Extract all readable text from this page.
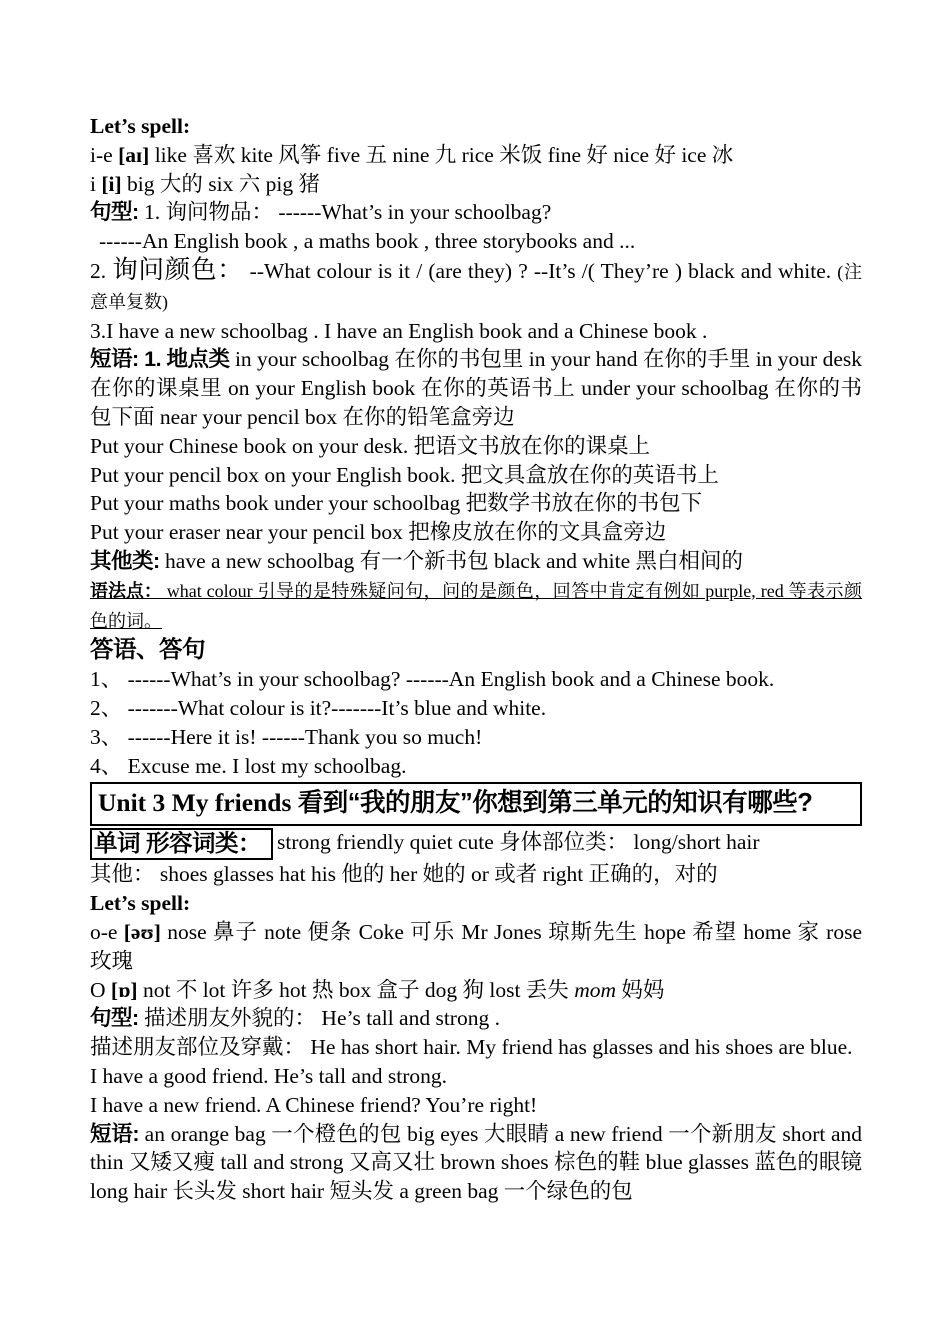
Let’s spell:

i-e [aɪ] like 喜欢 kite 风筝 five 五 nine 九 rice 米饭 fine 好 nice 好 ice 冰

i [i] big 大的 six 六 pig 猪

句型: 1. 询问物品： ------What’s in your schoolbag?

------An English book , a maths book , three storybooks and ...

2. 询问颜色： --What colour is it / (are they) ? --It’s /( They’re ) black and white. (注意单复数)

3.I have a new schoolbag . I have an English book and a Chinese book .

短语: 1. 地点类 in your schoolbag 在你的书包里 in your hand 在你的手里 in your desk 在你的课桌里 on your English book 在你的英语书上 under your schoolbag 在你的书包下面 near your pencil box 在你的铅笔盒旁边

Put your Chinese book on your desk. 把语文书放在你的课桌上

Put your pencil box on your English book. 把文具盒放在你的英语书上

Put your maths book under your schoolbag 把数学书放在你的书包下

Put your eraser near your pencil box 把橡皮放在你的文具盒旁边

其他类: have a new schoolbag 有一个新书包 black and white 黑白相间的

语法点： what colour 引导的是特殊疑问句，问的是颜色，回答中肯定有例如 purple, red 等表示颜色的词。

答语、答句

1、 ------What’s in your schoolbag? ------An English book and a Chinese book.

2、 -------What colour is it?-------It’s blue and white.

3、 ------Here it is! ------Thank you so much!

4、 Excuse me. I lost my schoolbag.

Unit 3 My friends 看到“我的朋友”你想到第三单元的知识有哪些?

单词 形容词类： strong friendly quiet cute 身体部位类： long/short hair

其他： shoes glasses hat his 他的 her 她的 or 或者 right 正确的，对的

Let’s spell:

o-e [əʊ] nose 鼻子 note 便条 Coke 可乐 Mr Jones 琼斯先生 hope 希望 home 家 rose 玫瑰

O [ɒ] not 不 lot 许多 hot 热 box 盒子 dog 狗 lost 丢失 mom 妈妈

句型: 描述朋友外貌的： He’s tall and strong .

描述朋友部位及穿戴： He has short hair. My friend has glasses and his shoes are blue.

I have a good friend. He’s tall and strong.

I have a new friend. A Chinese friend? You’re right!

短语: an orange bag 一个橙色的包 big eyes 大眼睛 a new friend 一个新朋友 short and thin 又矮又瘦 tall and strong 又高又壮 brown shoes 棕色的鞋 blue glasses 蓝色的眼镜 long hair 长头发 short hair 短头发 a green bag 一个绿色的包
